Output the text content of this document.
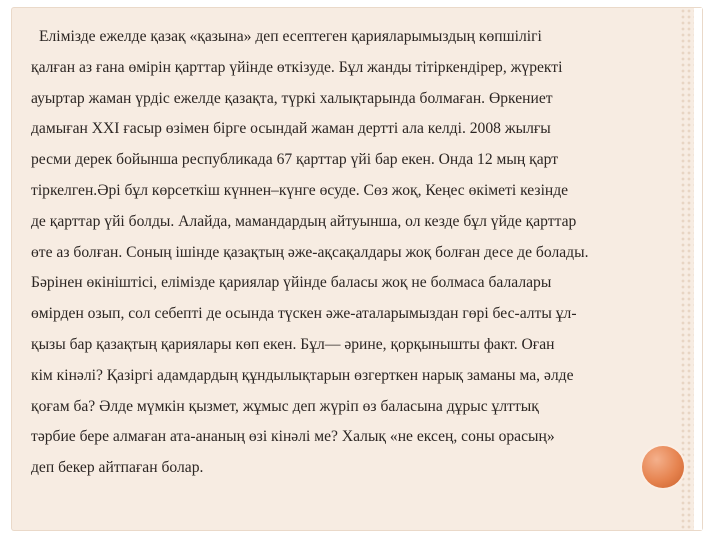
Елімізде ежелде қазақ «қазына» деп есептеген қарияларымыздың көпшілігі
қалған аз ғана өмірін қарттар үйінде өткізуде. Бұл жанды тітіркендірер, жүректі
ауыртар жаман үрдіс ежелде қазақта, түркі халықтарында болмаған. Өркениет
дамыған XXI ғасыр өзімен бірге осындай жаман дертті ала келді. 2008 жылғы
ресми дерек бойынша республикада 67 қарттар үйі бар екен. Онда 12 мың қарт
тіркелген.Әрі бұл көрсеткіш күннен–күнге өсуде. Сөз жоқ, Кеңес өкіметі кезінде
де қарттар үйі болды. Алайда, мамандардың айтуынша, ол кезде бұл үйде қарттар
өте аз болған. Соның ішінде қазақтың әже-ақсақалдары жоқ болған десе де болады.
Бәрінен өкініштісі, елімізде қариялар үйінде баласы жоқ не болмаса балалары
өмірден озып, сол себепті де осында түскен әже-аталарымыздан гөрі бес-алты ұл-
қызы бар қазақтың қариялары көп екен. Бұл— әрине, қорқынышты факт. Оған
кім кінәлі? Қазіргі адамдардың құндылықтарын өзгерткен нарық заманы ма, әлде
қоғам ба? Әлде мүмкін қызмет, жұмыс деп жүріп өз баласына дұрыс ұлттық
тәрбие бере алмаған ата-ананың өзі кінәлі ме? Халық «не ексең, соны орасың»
деп бекер айтпаған болар.
